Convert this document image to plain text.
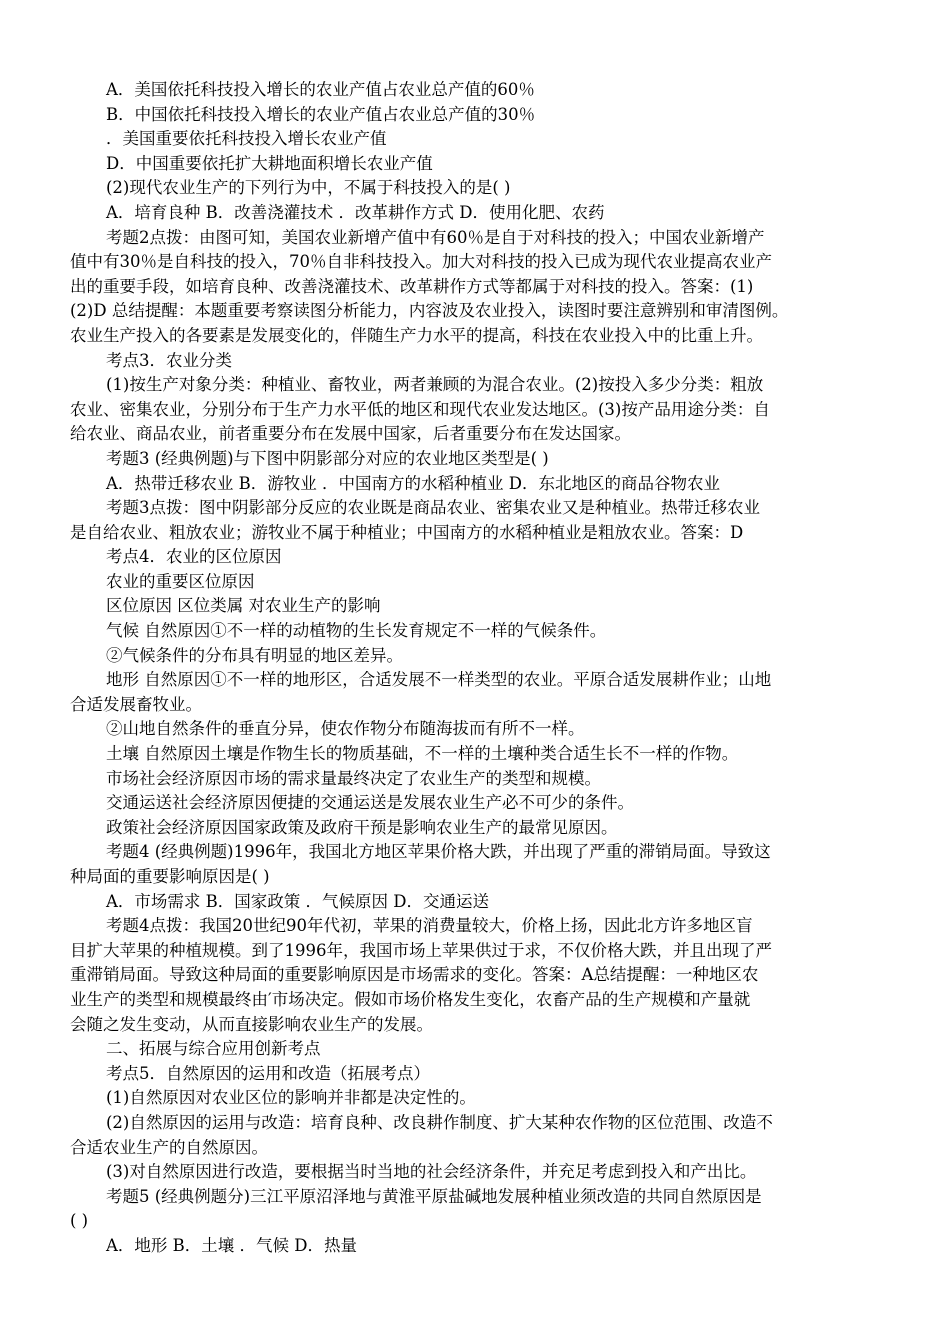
A．美国依托科技投入增长的农业产值占农业总产值的60％
B．中国依托科技投入增长的农业产值占农业总产值的30％
．美国重要依托科技投入增长农业产值
D．中国重要依托扩大耕地面积增长农业产值
(2)现代农业生产的下列行为中，不属于科技投入的是( )
A．培育良种 B．改善浇灌技术 ．改革耕作方式 D．使用化肥、农药
考题2点拨：由图可知，美国农业新增产值中有60％是自于对科技的投入；中国农业新增产
值中有30％是自科技的投入，70％自非科技投入。加大对科技的投入已成为现代农业提高农业产
出的重要手段，如培育良种、改善浇灌技术、改革耕作方式等都属于对科技的投入。答案：(1)
(2)D 总结提醒：本题重要考察读图分析能力，内容波及农业投入，读图时要注意辨别和审清图例。
农业生产投入的各要素是发展变化的，伴随生产力水平的提高，科技在农业投入中的比重上升。
考点3．农业分类
(1)按生产对象分类：种植业、畜牧业，两者兼顾的为混合农业。(2)按投入多少分类：粗放
农业、密集农业，分别分布于生产力水平低的地区和现代农业发达地区。(3)按产品用途分类：自
给农业、商品农业，前者重要分布在发展中国家，后者重要分布在发达国家。
考题3 (经典例题)与下图中阴影部分对应的农业地区类型是( )
A．热带迁移农业 B．游牧业 ．中国南方的水稻种植业 D．东北地区的商品谷物农业
考题3点拨：图中阴影部分反应的农业既是商品农业、密集农业又是种植业。热带迁移农业
是自给农业、粗放农业；游牧业不属于种植业；中国南方的水稻种植业是粗放农业。答案：D
考点4．农业的区位原因
农业的重要区位原因
区位原因 区位类属 对农业生产的影响
气候 自然原因①不一样的动植物的生长发育规定不一样的气候条件。
②气候条件的分布具有明显的地区差异。
地形 自然原因①不一样的地形区，合适发展不一样类型的农业。平原合适发展耕作业；山地
合适发展畜牧业。
②山地自然条件的垂直分异，使农作物分布随海拔而有所不一样。
土壤 自然原因土壤是作物生长的物质基础，不一样的土壤种类合适生长不一样的作物。
市场社会经济原因市场的需求量最终决定了农业生产的类型和规模。
交通运送社会经济原因便捷的交通运送是发展农业生产必不可少的条件。
政策社会经济原因国家政策及政府干预是影响农业生产的最常见原因。
考题4 (经典例题)1996年，我国北方地区苹果价格大跌，并出现了严重的滞销局面。导致这
种局面的重要影响原因是( )
A．市场需求 B．国家政策 ．气候原因 D．交通运送
考题4点拨：我国20世纪90年代初，苹果的消费量较大，价格上扬，因此北方许多地区盲
目扩大苹果的种植规模。到了1996年，我国市场上苹果供过于求，不仅价格大跌，并且出现了严
重滞销局面。导致这种局面的重要影响原因是市场需求的变化。答案：A总结提醒：一种地区农
业生产的类型和规模最终由′市场决定。假如市场价格发生变化，农畜产品的生产规模和产量就
会随之发生变动，从而直接影响农业生产的发展。
二、拓展与综合应用创新考点
考点5．自然原因的运用和改造（拓展考点）
(1)自然原因对农业区位的影响并非都是决定性的。
(2)自然原因的运用与改造：培育良种、改良耕作制度、扩大某种农作物的区位范围、改造不
合适农业生产的自然原因。
(3)对自然原因进行改造，要根据当时当地的社会经济条件，并充足考虑到投入和产出比。
考题5 (经典例题分)三江平原沼泽地与黄淮平原盐碱地发展种植业须改造的共同自然原因是
( )
A．地形 B．土壤 ．气候 D．热量
